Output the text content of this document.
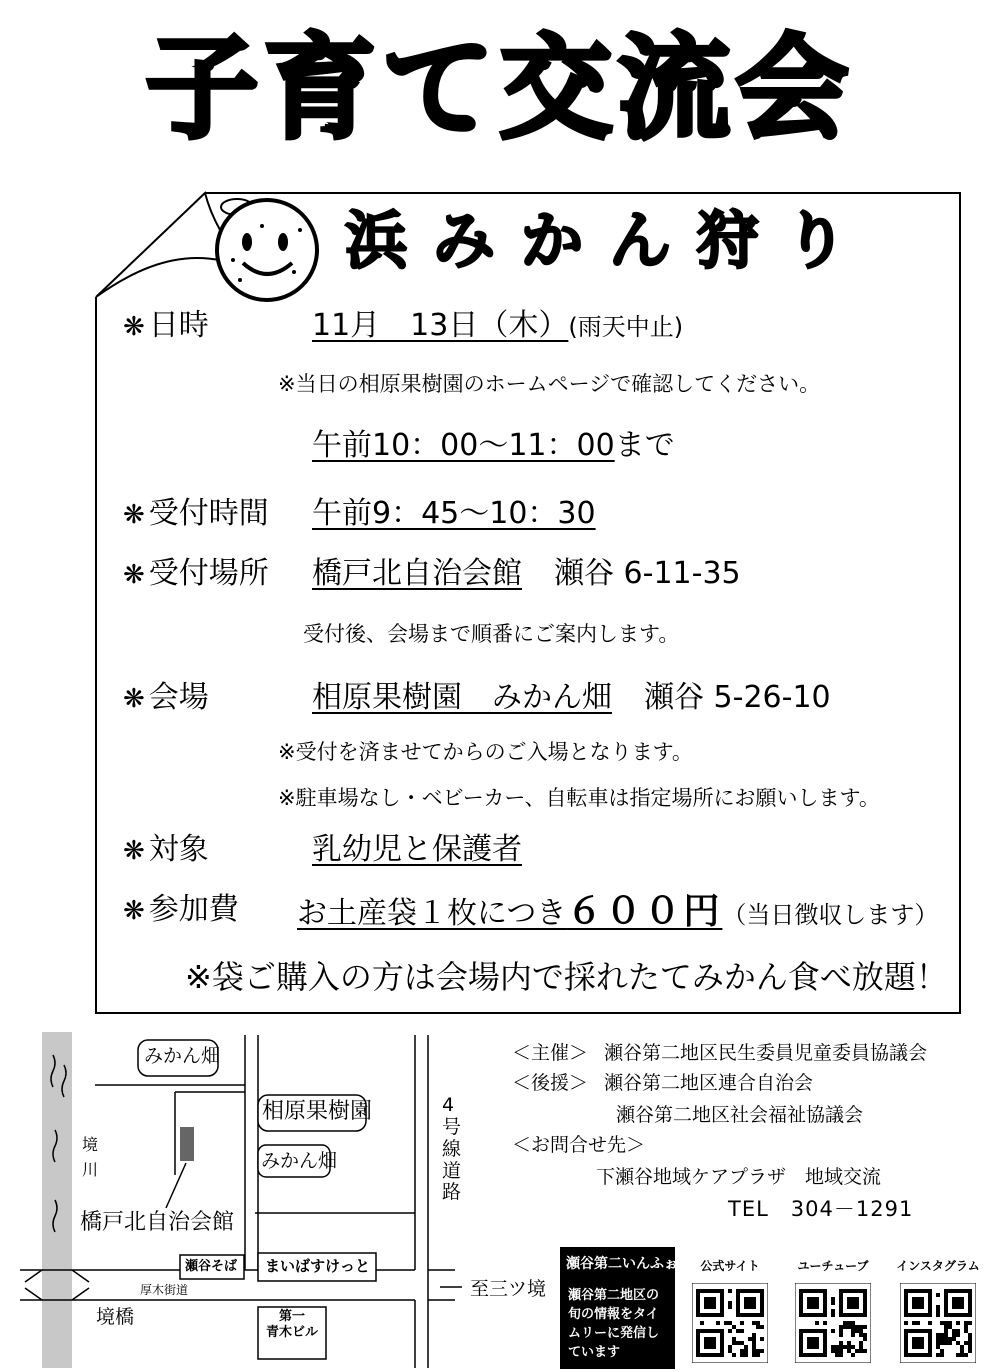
子育て交流会
浜みかん狩り
❋ 日時	11月　13日（木）(雨天中止)
※当日の相原果樹園のホームページで確認してください。
午前10：00～11：00まで
❋ 受付時間 午前9：45～10：30
❋ 受付場所 橋戸北自治会館 瀬谷 6-11-35
受付後、会場まで順番にご案内します。
❋ 会場	相原果樹園　みかん畑 瀬谷 5-26-10
※受付を済ませてからのご入場となります。
※駐車場なし・ベビーカー、自転車は指定場所にお願いします。
❋ 対象	乳幼児と保護者
❋ 参加費 お土産袋１枚につき６００円（当日徴収します）
※袋ご購入の方は会場内で採れたてみかん食べ放題！
みかん畑
相原果樹園
みかん畑
境
川
橋戸北自治会館
4
号
線
道
路
瀬谷そば まいばすけっと
厚木街道	至三ツ境
境橋	第一
青木ビル
＜主催＞ 瀬谷第二地区民生委員児童委員協議会
＜後援＞ 瀬谷第二地区連合自治会
瀬谷第二地区社会福祉協議会
＜お問合せ先＞
下瀬谷地域ケアプラザ　地域交流
TEL　304－1291
瀬谷第二いんふぉ
瀬谷第二地区の旬の情報をタイムリーに発信しています
公式サイト	ユーチューブ	インスタグラム
